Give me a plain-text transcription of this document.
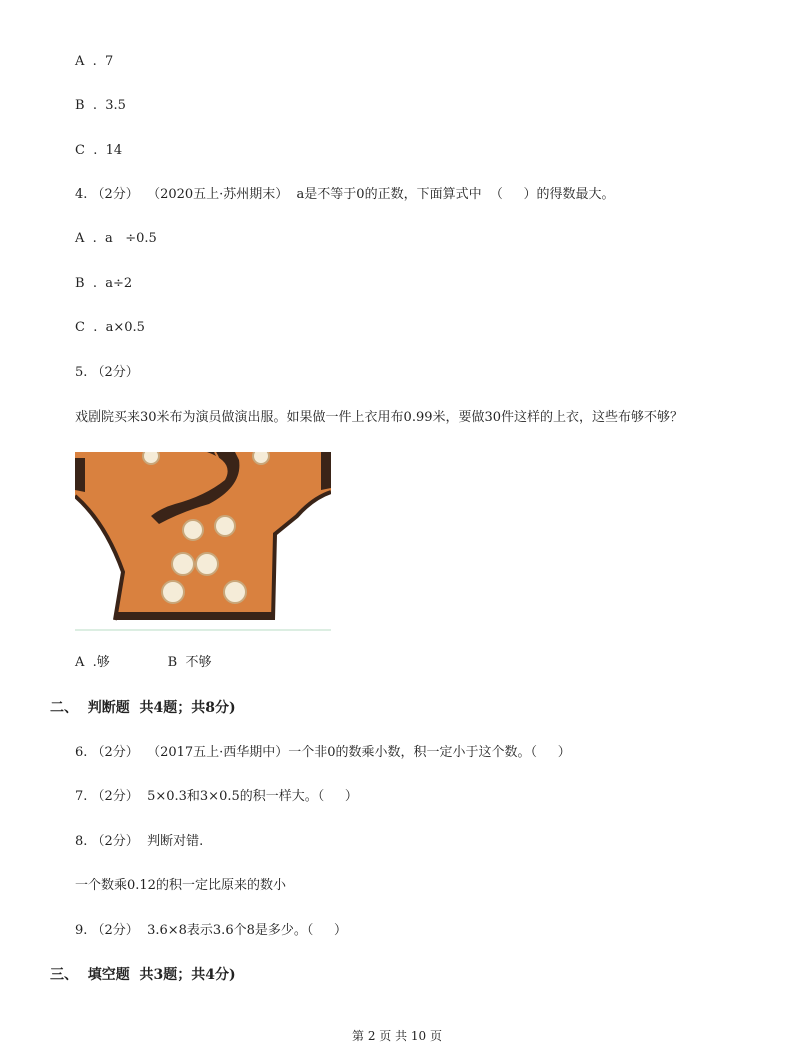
A  .  7
B  .  3.5
C  .  14
4. （2分）  （2020五上·苏州期末）  a是不等于0的正数，下面算式中  （     ）的得数最大。
A  .  a   ÷0.5
B  .  a÷2
C  .  a×0.5
5. （2分）
戏剧院买来30米布为演员做演出服。如果做一件上衣用布0.99米，要做30件这样的上衣，这些布够不够？
A  .够              B  不够
二、  判断题  共4题；共8分)
6. （2分）  （2017五上·西华期中）一个非0的数乘小数，积一定小于这个数。（     ）
7. （2分）  5×0.3和3×0.5的积一样大。（     ）
8. （2分）  判断对错.
一个数乘0.12的积一定比原来的数小
9. （2分）  3.6×8表示3.6个8是多少。（     ）
三、  填空题  共3题；共4分)
第 2 页 共 10 页
